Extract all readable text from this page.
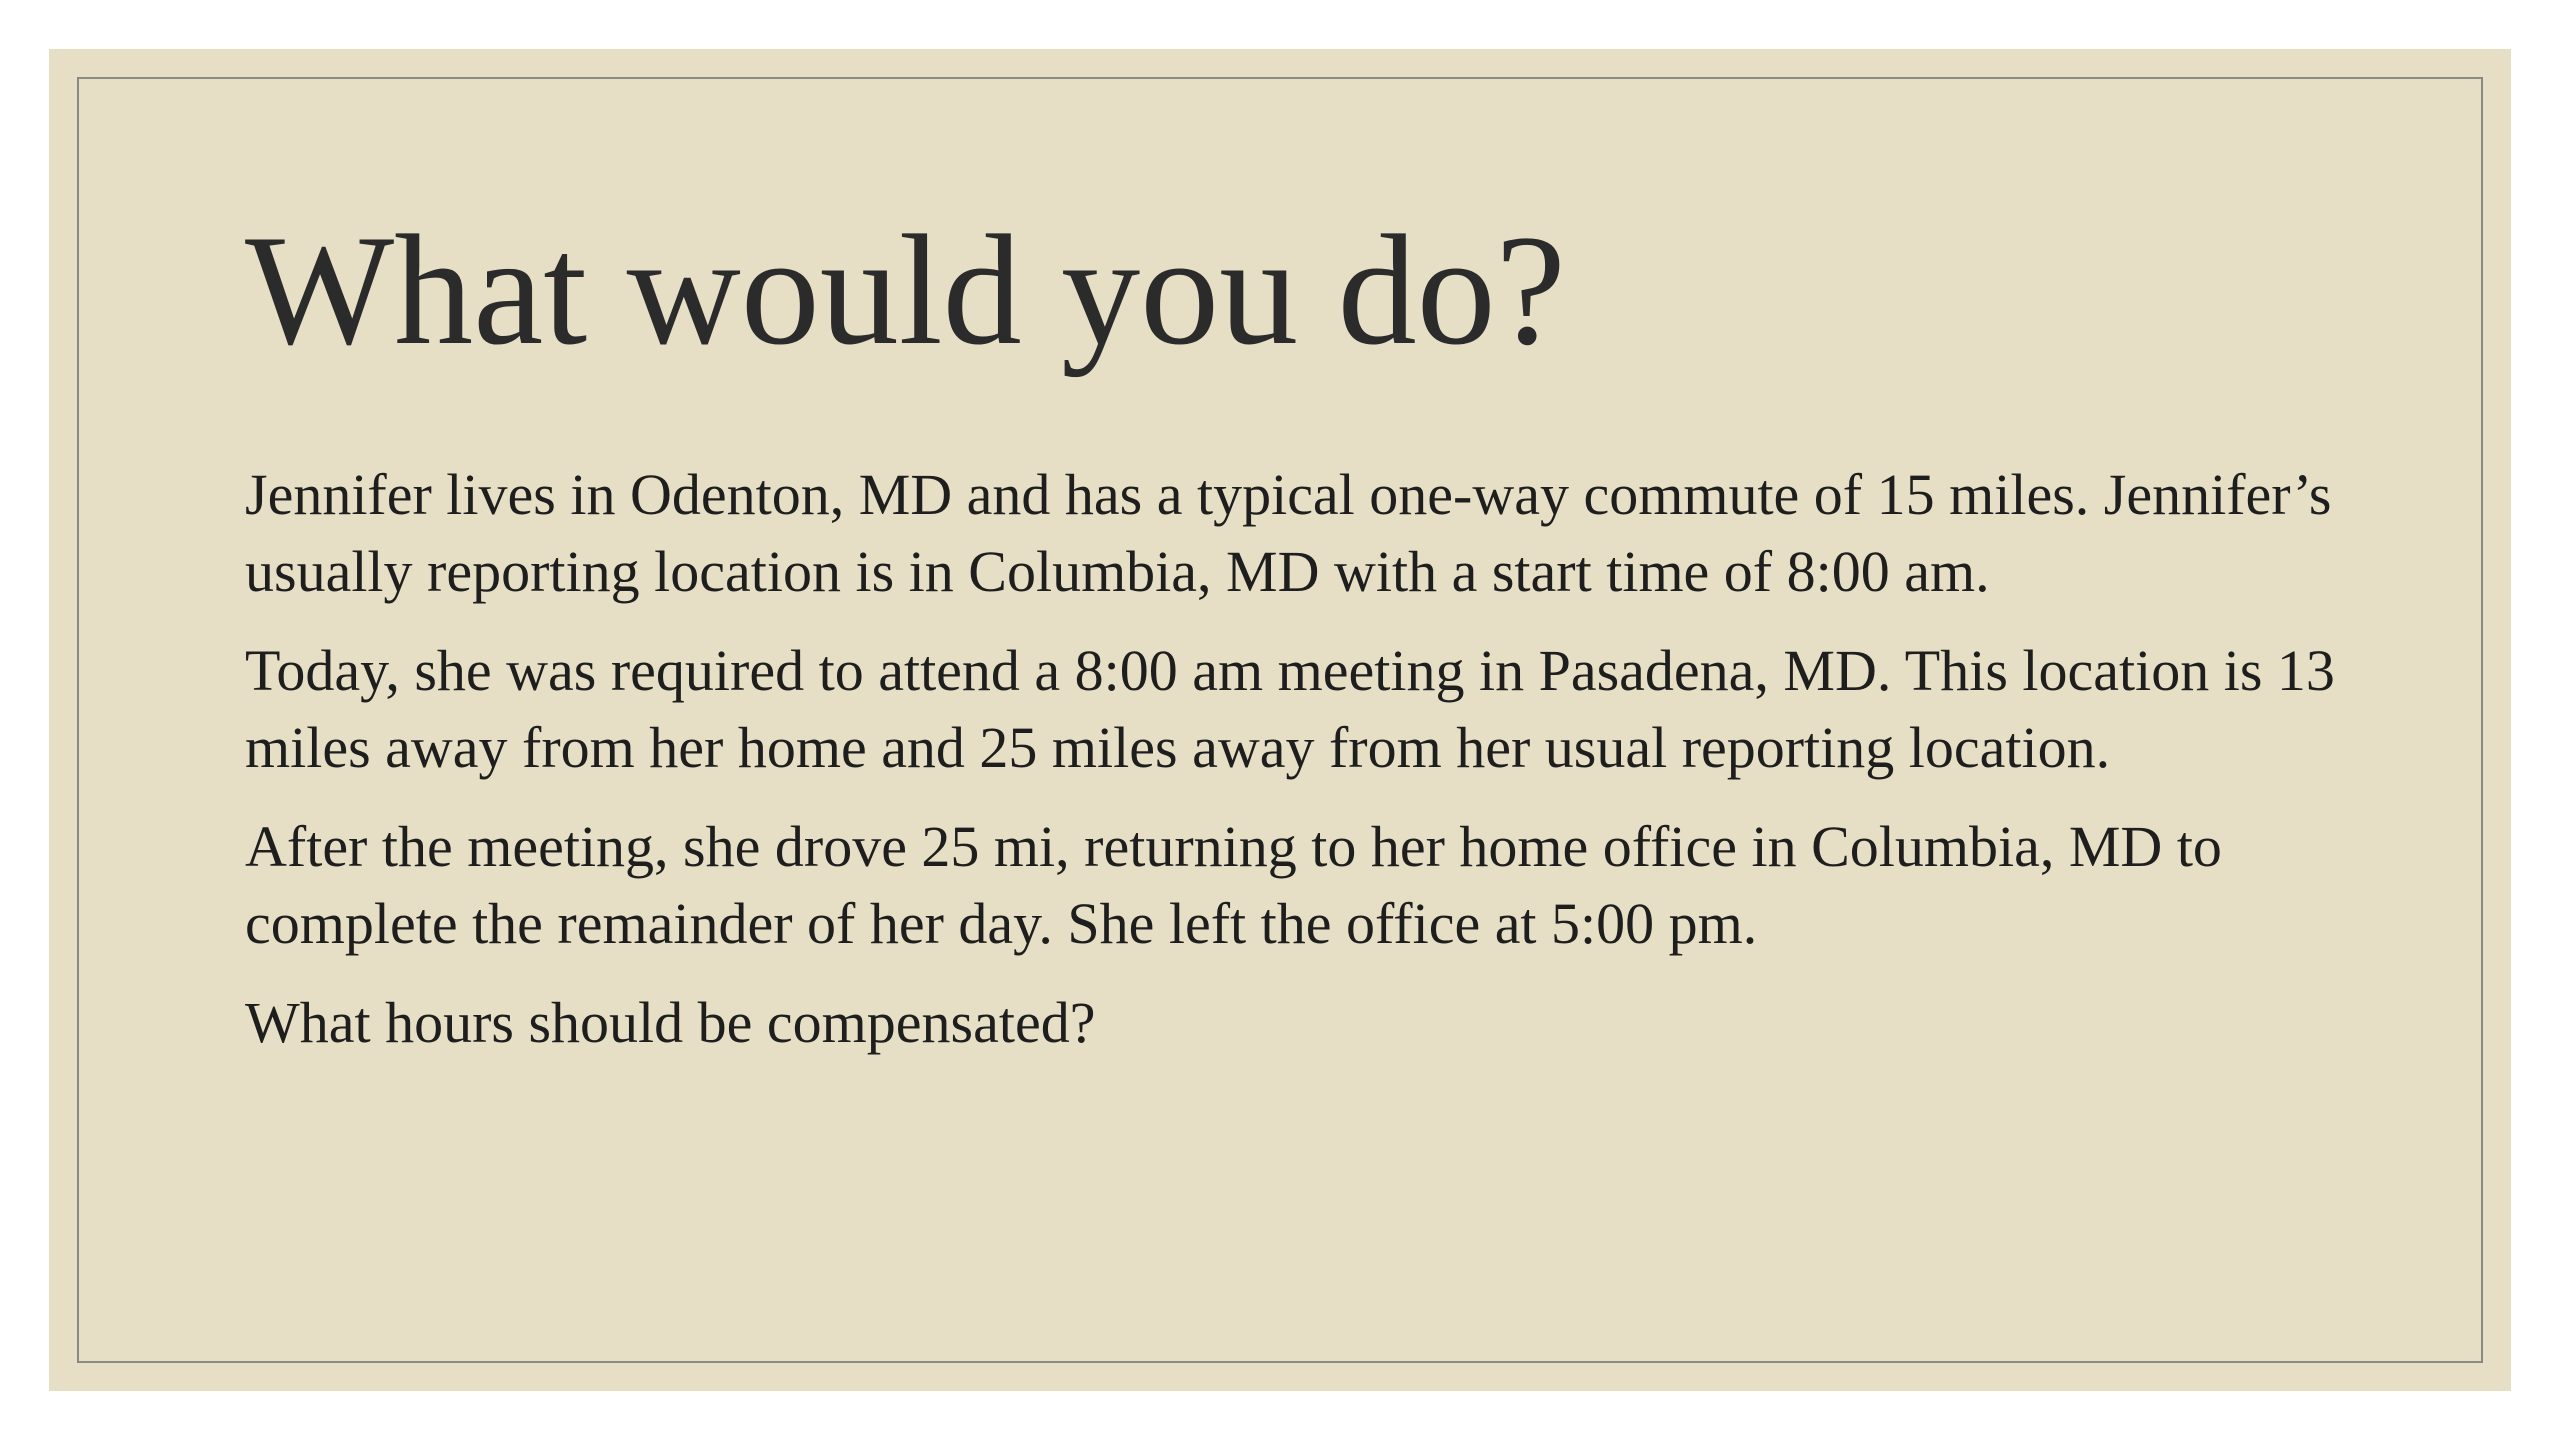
What would you do?

Jennifer lives in Odenton, MD and has a typical one-way commute of 15 miles. Jennifer’s usually reporting location is in Columbia, MD with a start time of 8:00 am.

Today, she was required to attend a 8:00 am meeting in Pasadena, MD. This location is 13 miles away from her home and 25 miles away from her usual reporting location.

After the meeting, she drove 25 mi, returning to her home office in Columbia, MD to complete the remainder of her day. She left the office at 5:00 pm.

What hours should be compensated?
